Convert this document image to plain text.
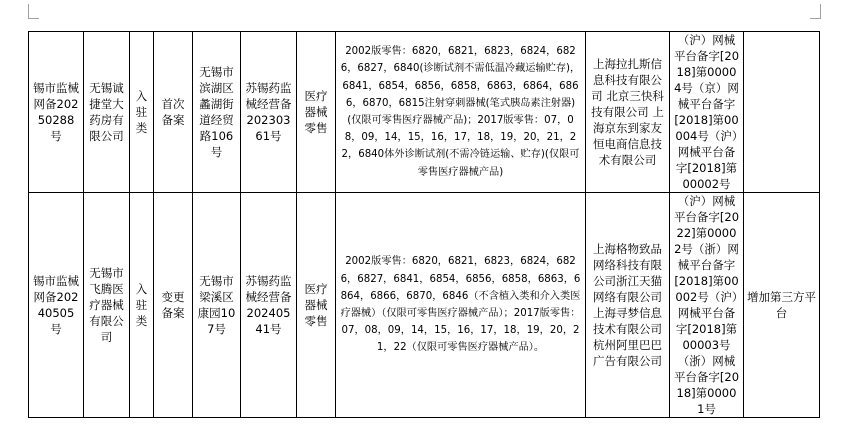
锡市监械网备20250288号	无锡诚捷堂大药房有限公司	入驻类	首次备案	无锡市滨湖区蠡湖街道经贸路106号	苏锡药监械经营备20230361号	医疗器械零售	2002版零售：6820，6821，6823，6824，6826，6827，6840(诊断试剂不需低温冷藏运输贮存)，6841，6854，6856，6858，6863，6864，6866，6870，6815注射穿刺器械(笔式胰岛素注射器)(仅限可零售医疗器械产品)；2017版零售：07，08，09，14，15，16，17，18，19，20，21，22，6840体外诊断试剂(不需冷链运输、贮存)(仅限可零售医疗器械产品)	上海拉扎斯信息科技有限公司 北京三快科技有限公司 上海京东到家友恒电商信息技术有限公司	（沪）网械平台备字[2018]第00004号（京）网械平台备字[2018]第00004号（沪）网械平台备字[2018]第00002号	
锡市监械网备20240505号	无锡市飞腾医疗器械有限公司	入驻类	变更备案	无锡市梁溪区康园107号	苏锡药监械经营备20240541号	医疗器械零售	2002版零售：6820，6821，6823，6824，6826，6827，6841，6854，6856，6858，6863，6864，6866，6870，6846（不含植入类和介入类医疗器械）（仅限可零售医疗器械产品）；2017版零售：07，08，09，14，15，16，17，18，19，20，21，22（仅限可零售医疗器械产品）。	上海格物致品网络科技有限公司浙江天猫网络有限公司上海寻梦信息技术有限公司杭州阿里巴巴广告有限公司	（沪）网械平台备字[2022]第00002号（浙）网械平台备字[2018]第00002号（沪）网械平台备字[2018]第00003号（浙）网械平台备字[2018]第00001号	增加第三方平台
